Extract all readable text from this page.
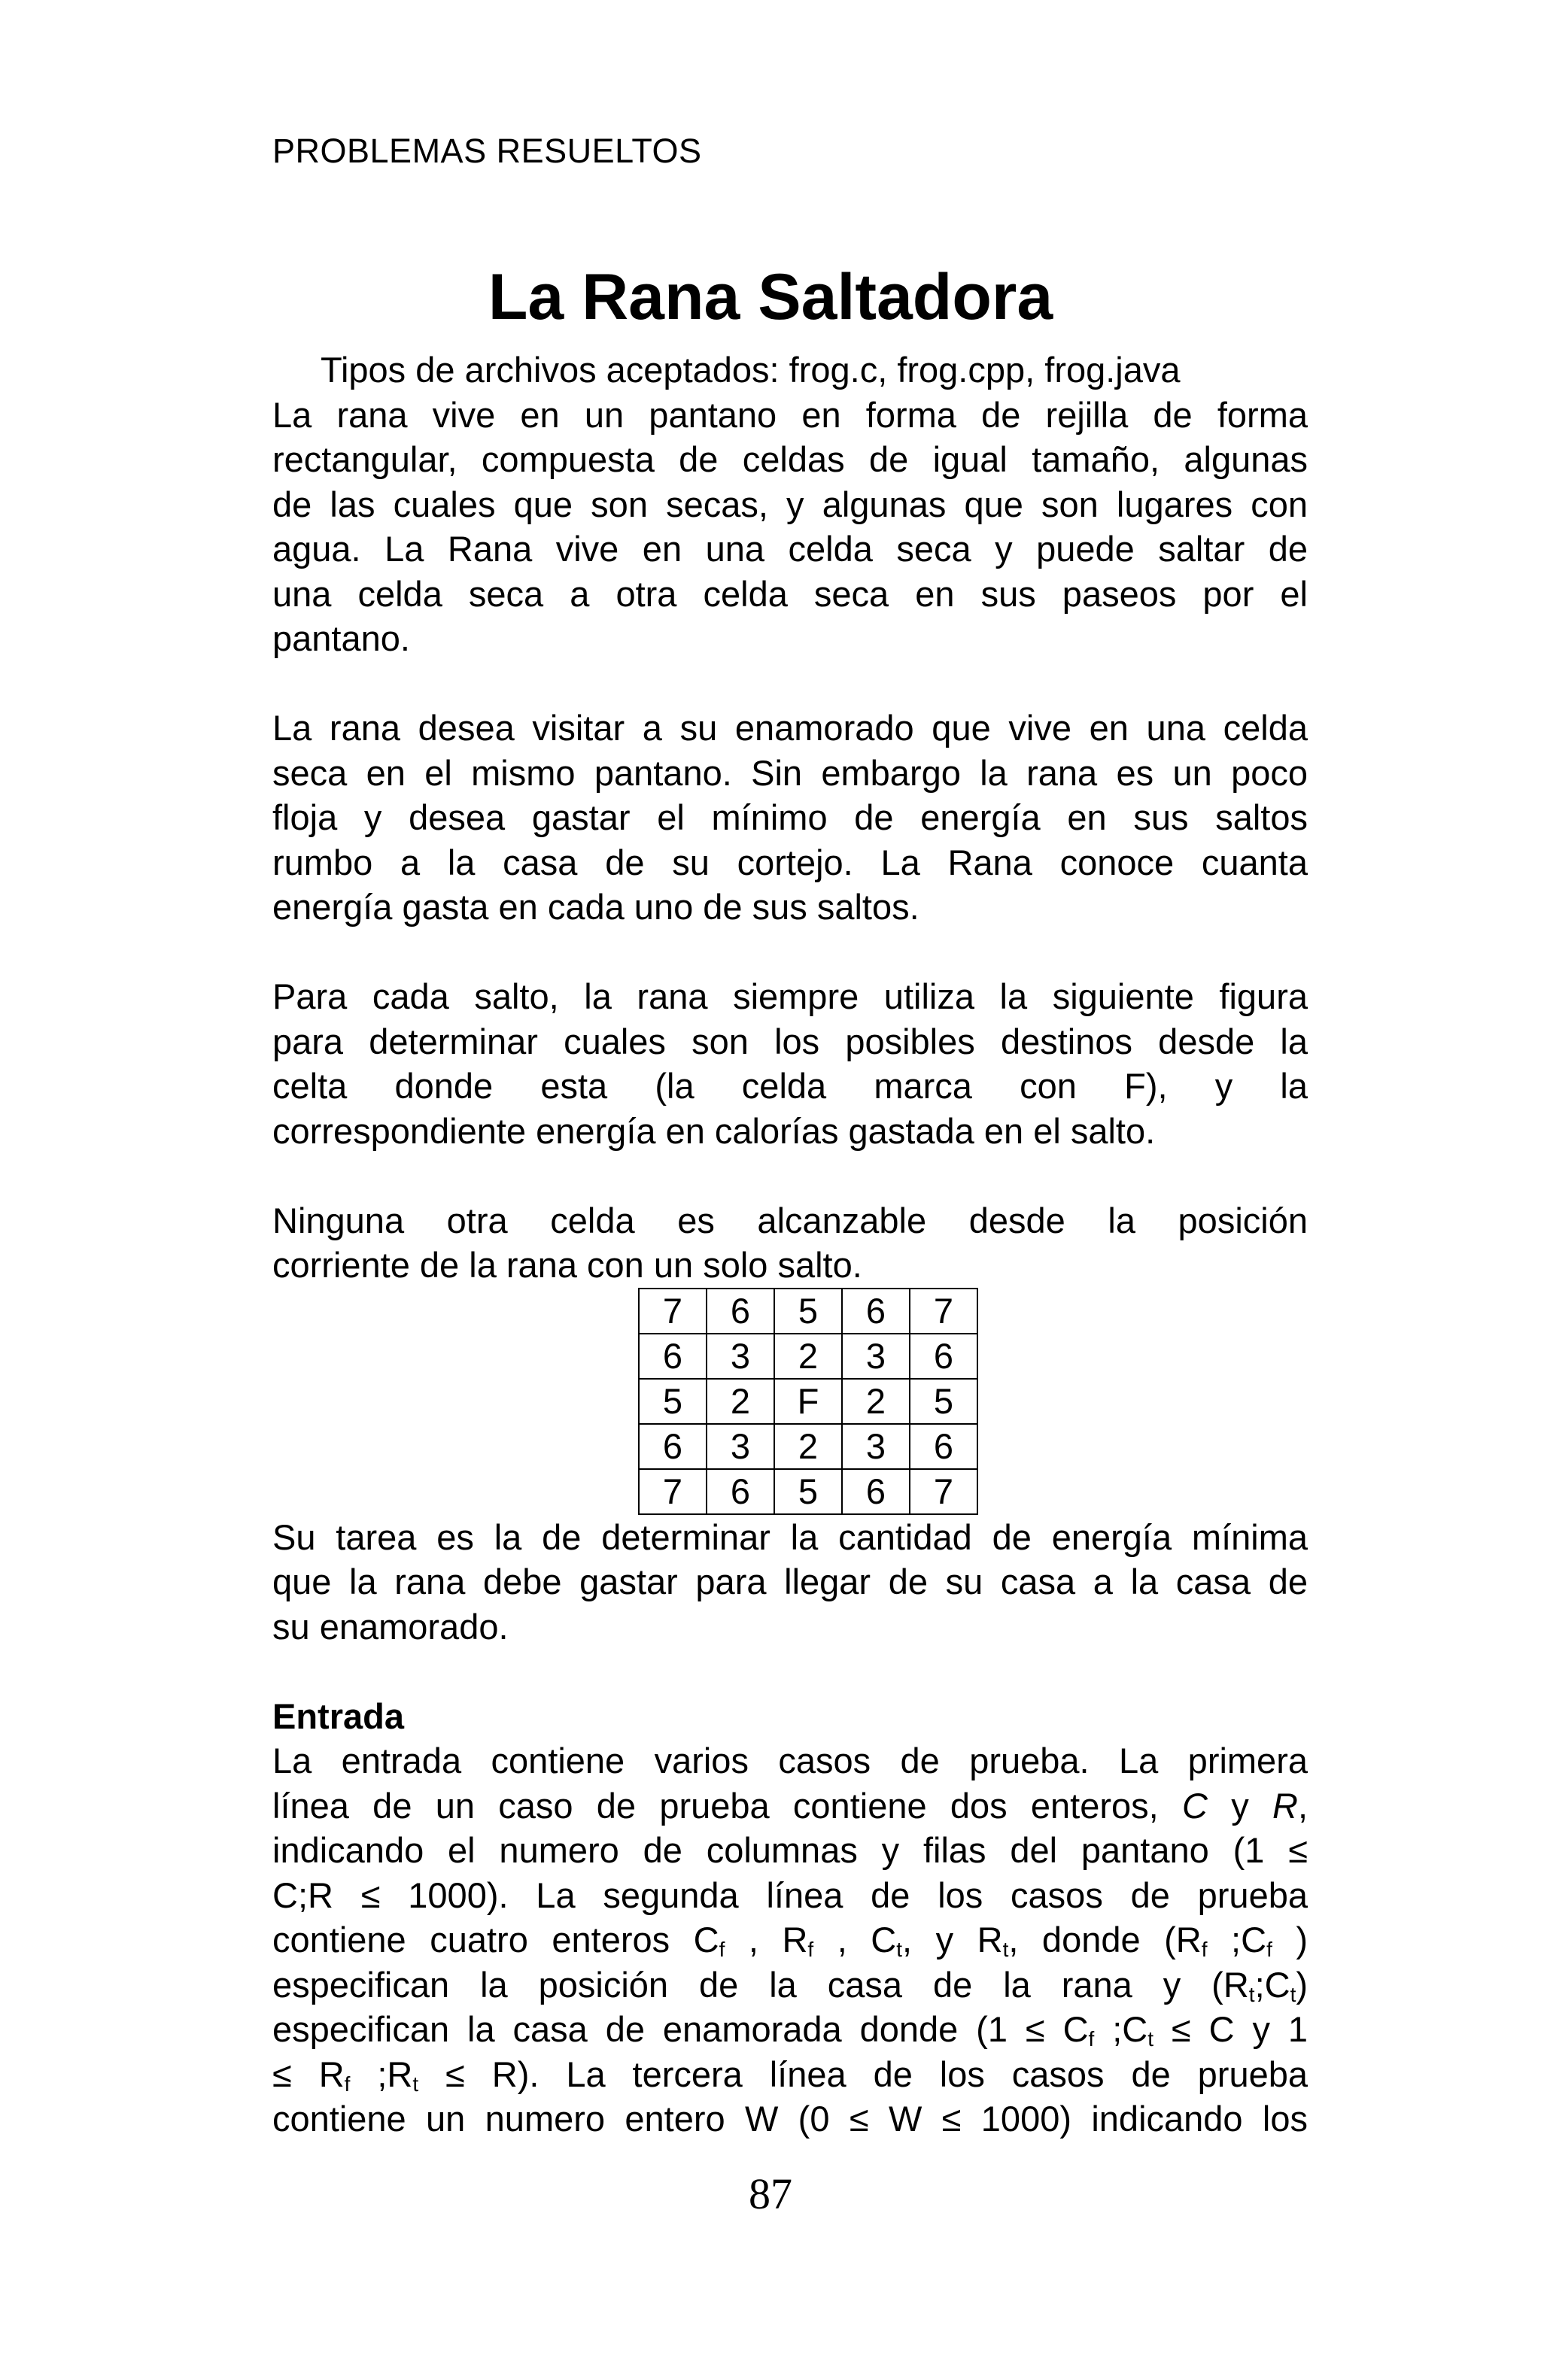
PROBLEMAS RESUELTOS
La Rana Saltadora
Tipos de archivos aceptados: frog.c, frog.cpp, frog.java
La rana vive en un pantano en forma de rejilla de forma
rectangular, compuesta de celdas de igual tamaño, algunas
de las cuales que son secas, y algunas que son lugares con
agua. La Rana vive en una celda seca y puede saltar de
una celda seca a otra celda seca en sus paseos por el
pantano.
La rana desea visitar a su enamorado que vive en una celda
seca en el mismo pantano. Sin embargo la rana es un poco
floja y desea gastar el mínimo de energía en sus saltos
rumbo a la casa de su cortejo. La Rana conoce cuanta
energía gasta en cada uno de sus saltos.
Para cada salto, la rana siempre utiliza la siguiente figura
para determinar cuales son los posibles destinos desde la
celta donde esta (la celda marca con F), y la
correspondiente energía en calorías gastada en el salto.
Ninguna otra celda es alcanzable desde la posición
corriente de la rana con un solo salto.
7	6	5	6	7
6	3	2	3	6
5	2	F	2	5
6	3	2	3	6
7	6	5	6	7
Su tarea es la de determinar la cantidad de energía mínima
que la rana debe gastar para llegar de su casa a la casa de
su enamorado.
Entrada
La entrada contiene varios casos de prueba. La primera
línea de un caso de prueba contiene dos enteros, C y R,
indicando el numero de columnas y filas del pantano (1 ≤
C;R ≤ 1000). La segunda línea de los casos de prueba
contiene cuatro enteros $C_f$ , $R_f$ , $C_t$, y $R_t$, donde ($R_f$ $;C_f$ )
especifican la posición de la casa de la rana y $(R_t;C_t)$
especifican la casa de enamorada donde ($1 \le C_f$ $;C_t \le C$ y 1
≤ $R_f$ $;R_t \le R$). La tercera línea de los casos de prueba
contiene un numero entero W (0 ≤ W ≤ 1000) indicando los
87
